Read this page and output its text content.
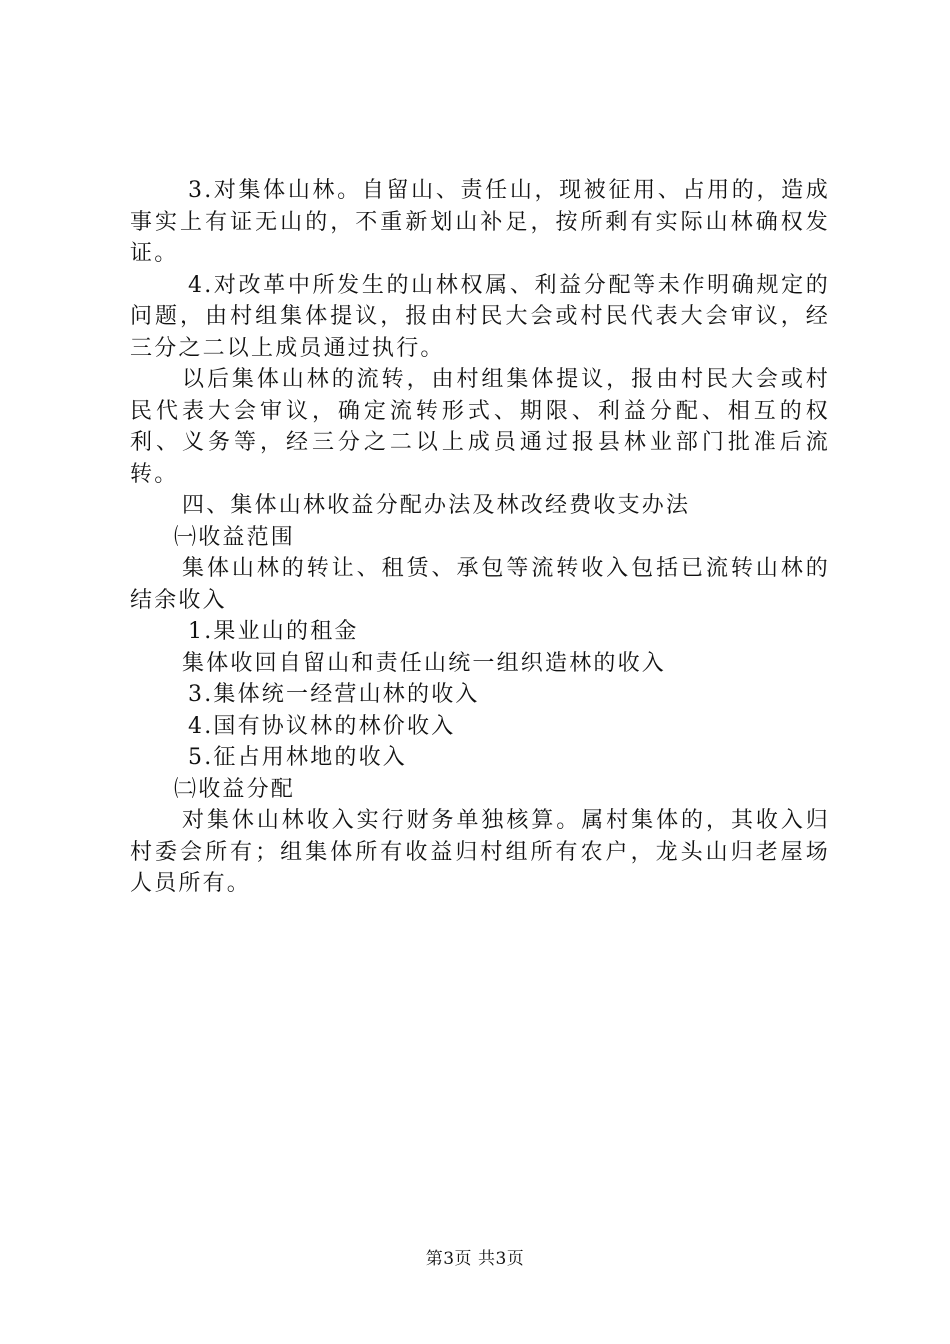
3.对集体山林。自留山、责任山，现被征用、占用的，造成事实上有证无山的，不重新划山补足，按所剩有实际山林确权发证。

4.对改革中所发生的山林权属、利益分配等未作明确规定的问题，由村组集体提议，报由村民大会或村民代表大会审议，经三分之二以上成员通过执行。

以后集体山林的流转，由村组集体提议，报由村民大会或村民代表大会审议，确定流转形式、期限、利益分配、相互的权利、义务等，经三分之二以上成员通过报县林业部门批准后流转。

四、集体山林收益分配办法及林改经费收支办法

㈠收益范围

集体山林的转让、租赁、承包等流转收入包括已流转山林的结余收入

1.果业山的租金

集体收回自留山和责任山统一组织造林的收入

3.集体统一经营山林的收入

4.国有协议林的林价收入

5.征占用林地的收入

㈡收益分配

对集休山林收入实行财务单独核算。属村集体的，其收入归村委会所有；组集体所有收益归村组所有农户，龙头山归老屋场人员所有。

第3页 共3页
